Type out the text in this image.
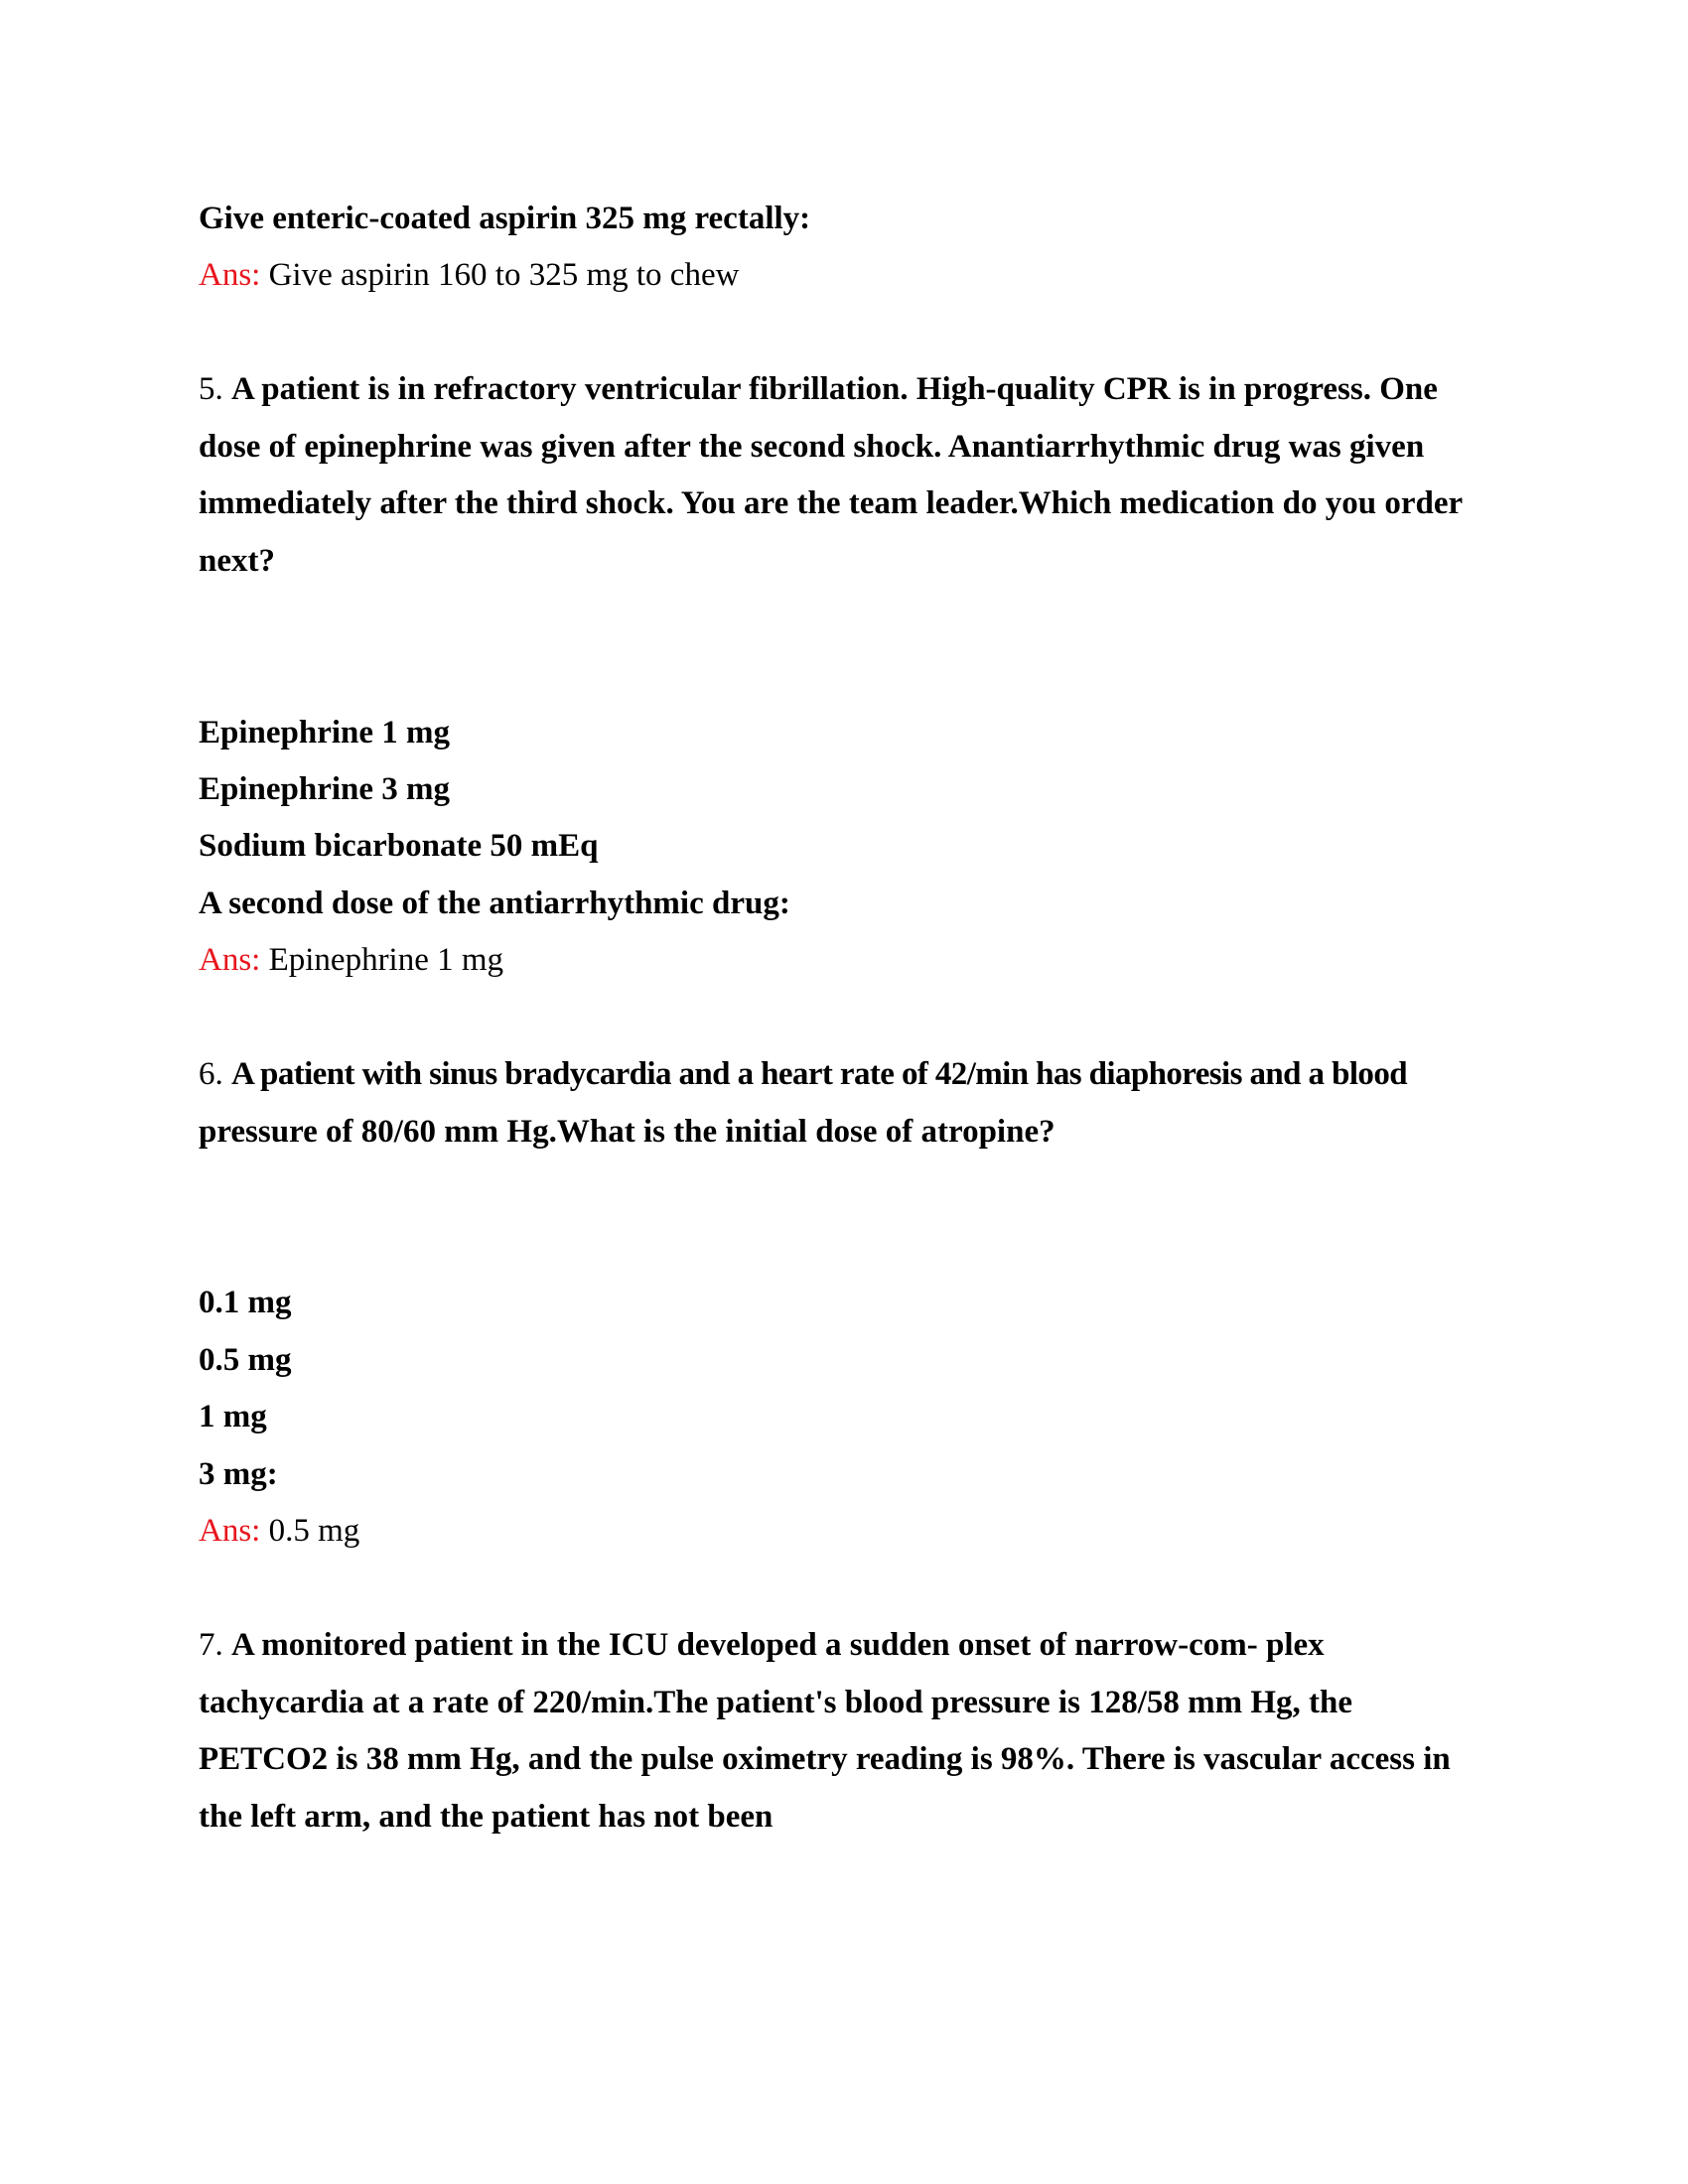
Give enteric-coated aspirin 325 mg rectally:
Ans: Give aspirin 160 to 325 mg to chew
5. A patient is in refractory ventricular fibrillation. High-quality CPR is in progress. One
dose of epinephrine was given after the second shock. Anantiarrhythmic drug was given
immediately after the third shock. You are the team leader.Which medication do you order
next?
Epinephrine 1 mg
Epinephrine 3 mg
Sodium bicarbonate 50 mEq
A second dose of the antiarrhythmic drug:
Ans: Epinephrine 1 mg
6. A patient with sinus bradycardia and a heart rate of 42/min has diaphoresis and a blood
pressure of 80/60 mm Hg.What is the initial dose of atropine?
0.1 mg
0.5 mg
1 mg
3 mg:
Ans: 0.5 mg
7. A monitored patient in the ICU developed a sudden onset of narrow-com- plex
tachycardia at a rate of 220/min.The patient's blood pressure is 128/58 mm Hg, the
PETCO2 is 38 mm Hg, and the pulse oximetry reading is 98%. There is vascular access in
the left arm, and the patient has not been
